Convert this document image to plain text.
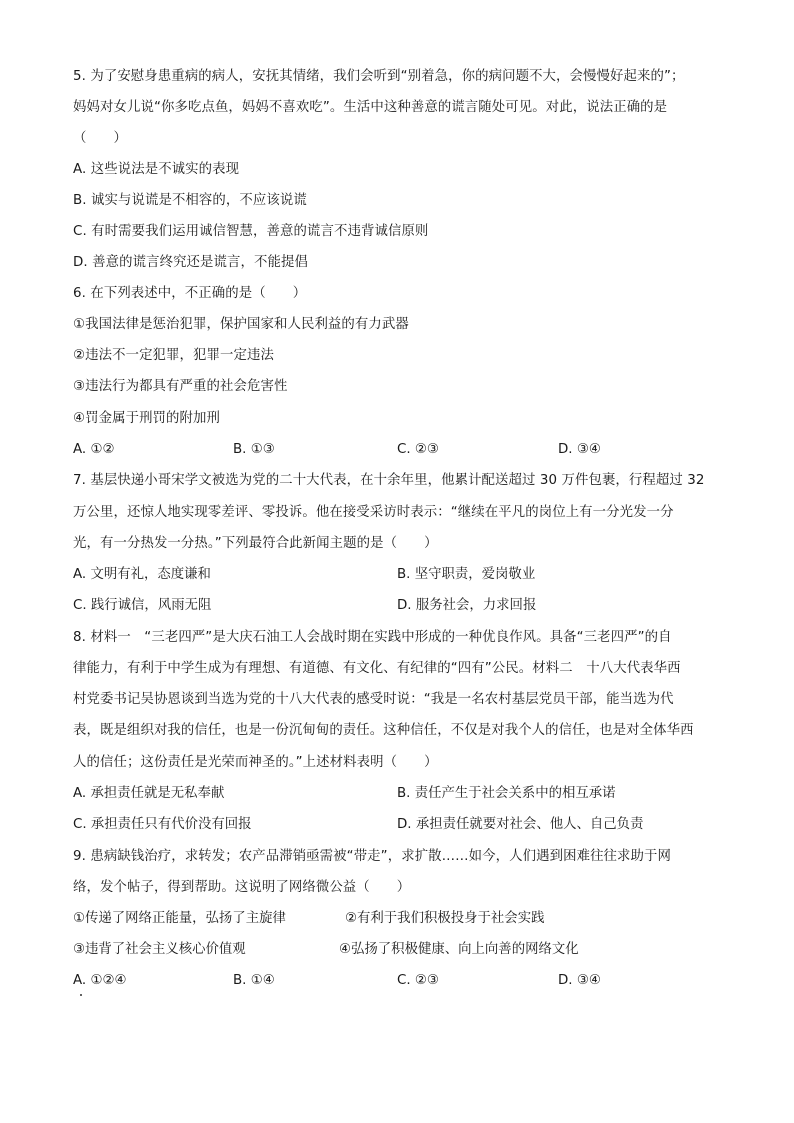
5. 为了安慰身患重病的病人，安抚其情绪，我们会听到“别着急，你的病问题不大，会慢慢好起来的”；
妈妈对女儿说“你多吃点鱼，妈妈不喜欢吃”。生活中这种善意的谎言随处可见。对此，说法正确的是
（　　）
A. 这些说法是不诚实的表现
B. 诚实与说谎是不相容的，不应该说谎
C. 有时需要我们运用诚信智慧，善意的谎言不违背诚信原则
D. 善意的谎言终究还是谎言，不能提倡
6. 在下列表述中，不正确的是（　　）
①我国法律是惩治犯罪，保护国家和人民利益的有力武器
②违法不一定犯罪，犯罪一定违法
③违法行为都具有严重的社会危害性
④罚金属于刑罚的附加刑
A. ①②	B. ①③	C. ②③	D. ③④
7. 基层快递小哥宋学文被选为党的二十大代表，在十余年里，他累计配送超过 30 万件包裹，行程超过 32
万公里，还惊人地实现零差评、零投诉。他在接受采访时表示：“继续在平凡的岗位上有一分光发一分
光，有一分热发一分热。”下列最符合此新闻主题的是（　　）
A. 文明有礼，态度谦和	B. 坚守职责，爱岗敬业
C. 践行诚信，风雨无阻	D. 服务社会，力求回报
8. 材料一　“三老四严”是大庆石油工人会战时期在实践中形成的一种优良作风。具备“三老四严”的自
律能力，有利于中学生成为有理想、有道德、有文化、有纪律的“四有”公民。材料二　十八大代表华西
村党委书记吴协恩谈到当选为党的十八大代表的感受时说：“我是一名农村基层党员干部，能当选为代
表，既是组织对我的信任，也是一份沉甸甸的责任。这种信任，不仅是对我个人的信任，也是对全体华西
人的信任；这份责任是光荣而神圣的。”上述材料表明（　　）
A. 承担责任就是无私奉献	B. 责任产生于社会关系中的相互承诺
C. 承担责任只有代价没有回报	D. 承担责任就要对社会、他人、自己负责
9. 患病缺钱治疗，求转发；农产品滞销亟需被“带走”，求扩散……如今，人们遇到困难往往求助于网
络，发个帖子，得到帮助。这说明了网络微公益（　　）
①传递了网络正能量，弘扬了主旋律	②有利于我们积极投身于社会实践
③违背了社会主义核心价值观	④弘扬了积极健康、向上向善的网络文化
A. ①②④	B. ①④	C. ②③	D. ③④
